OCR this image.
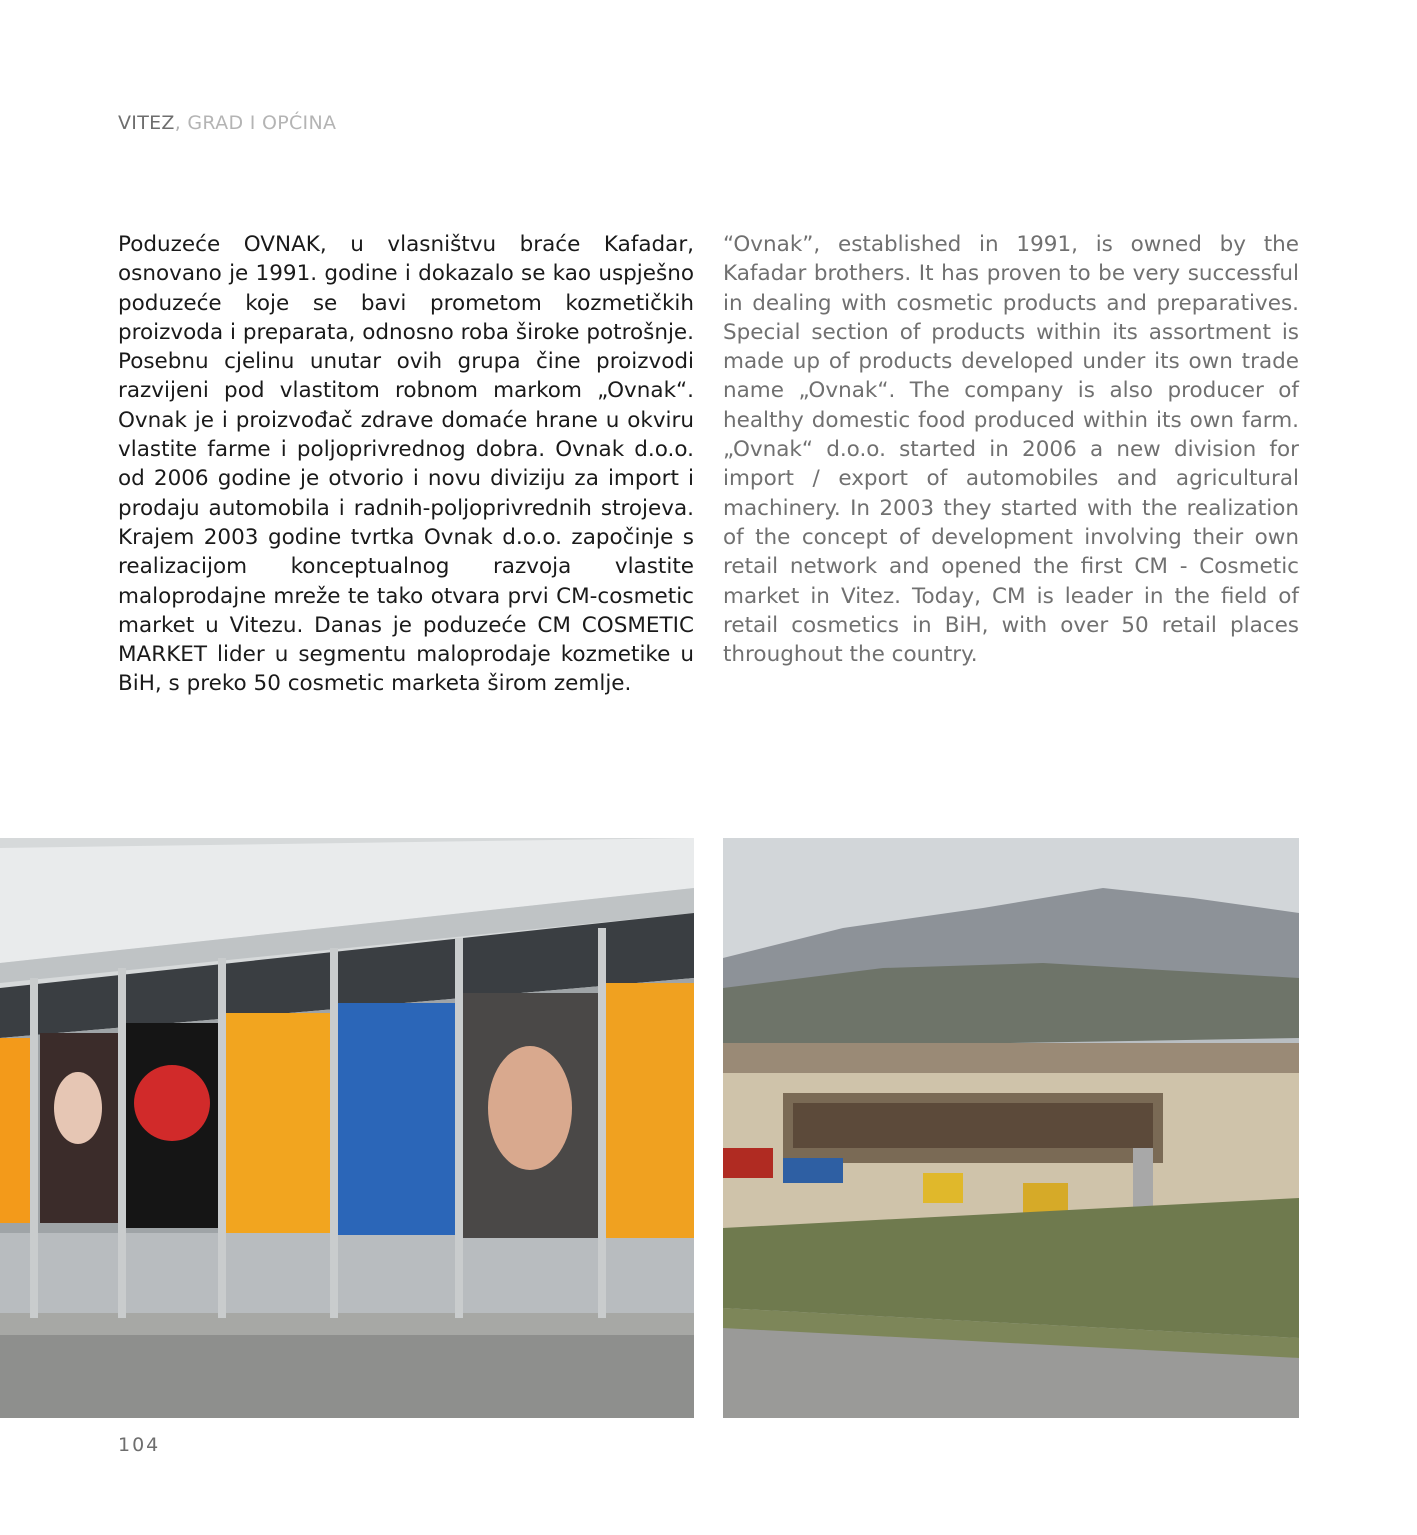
VITEZ, GRAD I OPĆINA
Poduzeće OVNAK, u vlasništvu braće Kafadar, osnovano je 1991. godine i dokazalo se kao uspješno poduzeće koje se bavi prometom kozmetičkih proizvoda i preparata, odnosno roba široke potrošnje. Posebnu cjelinu unutar ovih grupa čine proizvodi razvijeni pod vlastitom robnom markom „Ovnak“. Ovnak je i proizvođač zdrave domaće hrane u okviru vlastite farme i poljoprivrednog dobra. Ovnak d.o.o. od 2006 godine je otvorio i novu diviziju za import i prodaju automobila i radnih-poljoprivrednih strojeva. Krajem 2003 godine tvrtka Ovnak d.o.o. započinje s realizacijom konceptualnog razvoja vlastite maloprodajne mreže te tako otvara prvi CM-cosmetic market u Vitezu. Danas je poduzeće CM COSMETIC MARKET lider u segmentu maloprodaje kozmetike u BiH, s preko 50 cosmetic marketa širom zemlje.
“Ovnak”, established in 1991, is owned by the Kafadar brothers. It has proven to be very successful in dealing with cosmetic products and preparatives. Special section of products within its assortment is made up of products developed under its own trade name „Ovnak“. The company is also producer of healthy domestic food produced within its own farm. „Ovnak“ d.o.o. started in 2006 a new division for import / export of automobiles and agricultural machinery. In 2003 they started with the realization of the concept of development involving their own retail network and opened the first CM - Cosmetic market in Vitez. Today, CM is leader in the field of retail cosmetics in BiH, with over 50 retail places throughout the country.
104
